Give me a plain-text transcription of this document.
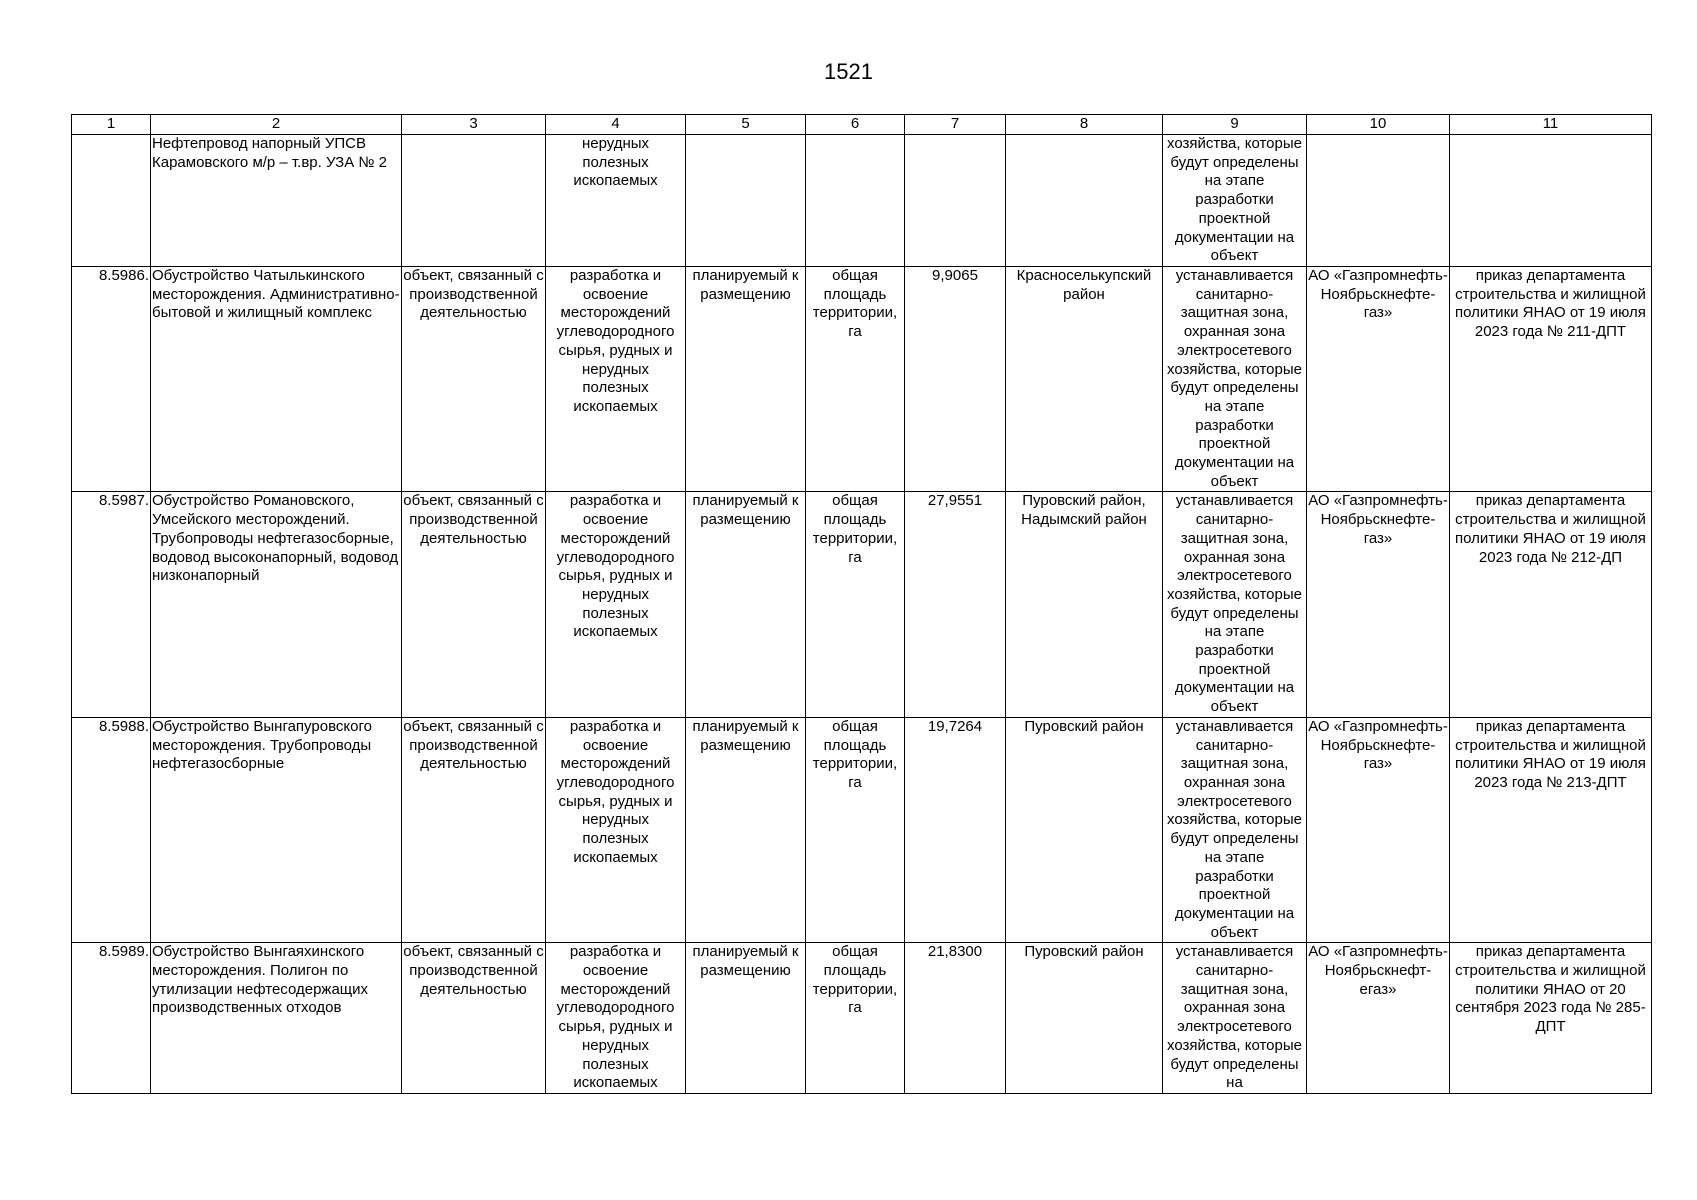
1521
1	2	3	4	5	6	7	8	9	10	11
	Нефтепровод напорный УПСВ Карамовского м/р – т.вр. УЗА № 2		нерудных полезных ископаемых					хозяйства, которые будут определены на этапе разработки проектной документации на объект		
8.5986.	Обустройство Чатылькинского месторождения. Административно-бытовой и жилищный комплекс	объект, связанный с производственной деятельностью	разработка и освоение месторождений углеводородного сырья, рудных и нерудных полезных ископаемых	планируемый к размещению	общая площадь территории, га	9,9065	Красноселькупский район	устанавливается санитарно-защитная зона, охранная зона электросетевого хозяйства, которые будут определены на этапе разработки проектной документации на объект	АО «Газпромнефть-Ноябрьскнефте-газ»	приказ департамента строительства и жилищной политики ЯНАО от 19 июля 2023 года № 211-ДПТ
8.5987.	Обустройство Романовского, Умсейского месторождений. Трубопроводы нефтегазосборные, водовод высоконапорный, водовод низконапорный	объект, связанный с производственной деятельностью	разработка и освоение месторождений углеводородного сырья, рудных и нерудных полезных ископаемых	планируемый к размещению	общая площадь территории, га	27,9551	Пуровский район, Надымский район	устанавливается санитарно-защитная зона, охранная зона электросетевого хозяйства, которые будут определены на этапе разработки проектной документации на объект	АО «Газпромнефть-Ноябрьскнефте-газ»	приказ департамента строительства и жилищной политики ЯНАО от 19 июля 2023 года № 212-ДП
8.5988.	Обустройство Вынгапуровского месторождения. Трубопроводы нефтегазосборные	объект, связанный с производственной деятельностью	разработка и освоение месторождений углеводородного сырья, рудных и нерудных полезных ископаемых	планируемый к размещению	общая площадь территории, га	19,7264	Пуровский район	устанавливается санитарно-защитная зона, охранная зона электросетевого хозяйства, которые будут определены на этапе разработки проектной документации на объект	АО «Газпромнефть-Ноябрьскнефте-газ»	приказ департамента строительства и жилищной политики ЯНАО от 19 июля 2023 года № 213-ДПТ
8.5989.	Обустройство Вынгаяхинского месторождения. Полигон по утилизации нефтесодержащих производственных отходов	объект, связанный с производственной деятельностью	разработка и освоение месторождений углеводородного сырья, рудных и нерудных полезных ископаемых	планируемый к размещению	общая площадь территории, га	21,8300	Пуровский район	устанавливается санитарно-защитная зона, охранная зона электросетевого хозяйства, которые будут определены на	АО «Газпромнефть-Ноябрьскнефт-егаз»	приказ департамента строительства и жилищной политики ЯНАО от 20 сентября 2023 года № 285-ДПТ
